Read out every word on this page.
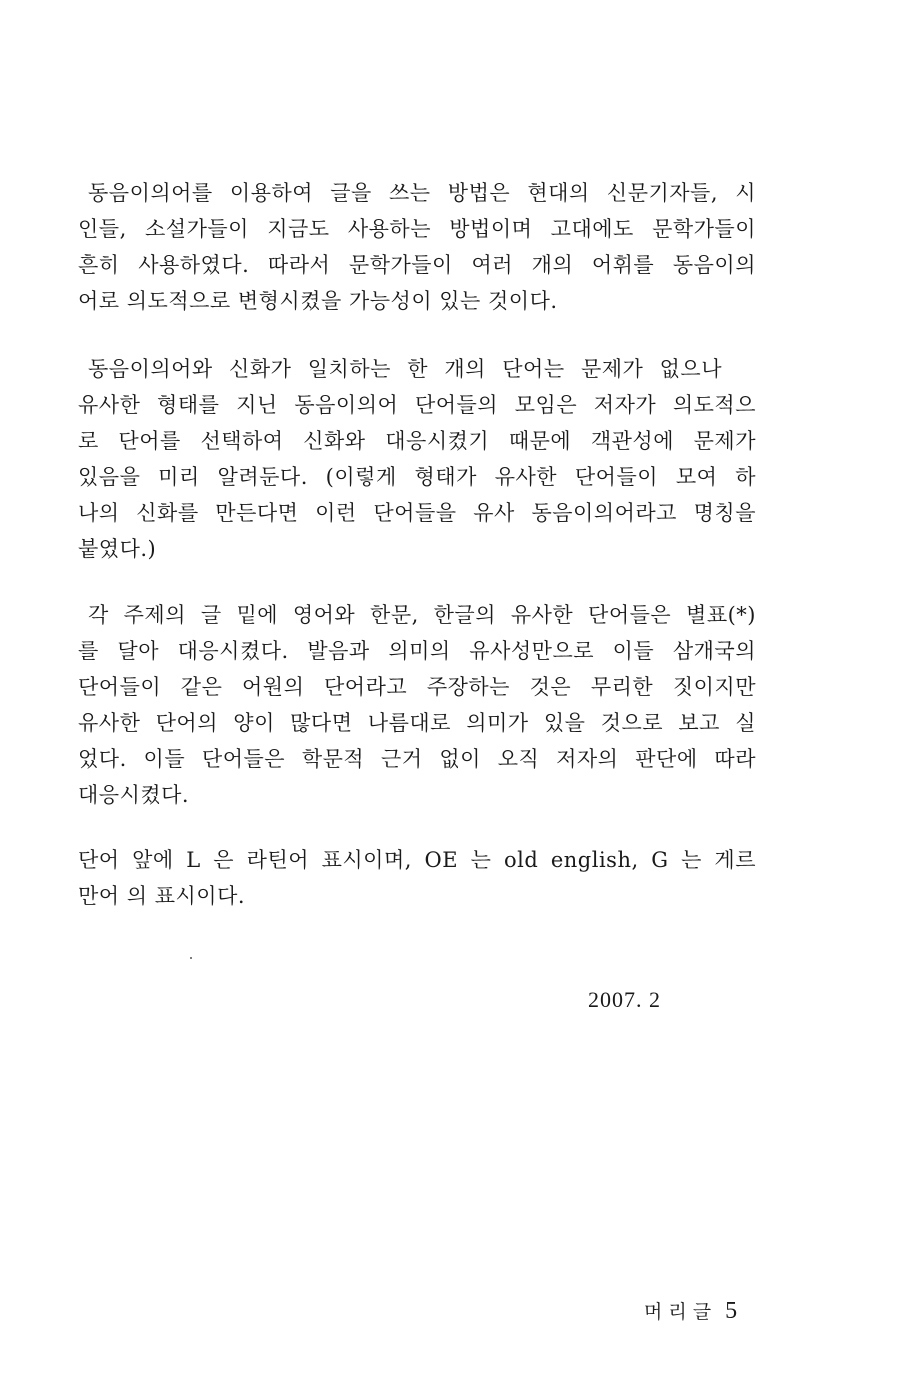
동음이의어를 이용하여 글을 쓰는 방법은 현대의 신문기자들, 시
인들, 소설가들이 지금도 사용하는 방법이며 고대에도 문학가들이
흔히 사용하였다. 따라서 문학가들이 여러 개의 어휘를 동음이의
어로 의도적으로 변형시켰을 가능성이 있는 것이다.
동음이의어와 신화가 일치하는 한 개의 단어는 문제가 없으나
유사한 형태를 지닌 동음이의어 단어들의 모임은 저자가 의도적으
로 단어를 선택하여 신화와 대응시켰기 때문에 객관성에 문제가
있음을 미리 알려둔다. (이렇게 형태가 유사한 단어들이 모여 하
나의 신화를 만든다면 이런 단어들을 유사 동음이의어라고 명칭을
붙였다.)
각 주제의 글 밑에 영어와 한문, 한글의 유사한 단어들은 별표(*)
를 달아 대응시켰다. 발음과 의미의 유사성만으로 이들 삼개국의
단어들이 같은 어원의 단어라고 주장하는 것은 무리한 짓이지만
유사한 단어의 양이 많다면 나름대로 의미가 있을 것으로 보고 실
었다. 이들 단어들은 학문적 근거 없이 오직 저자의 판단에 따라
대응시켰다.
단어 앞에 L 은 라틴어 표시이며, OE 는 old english, G 는 게르
만어 의 표시이다.
2007. 2
머리글 5
